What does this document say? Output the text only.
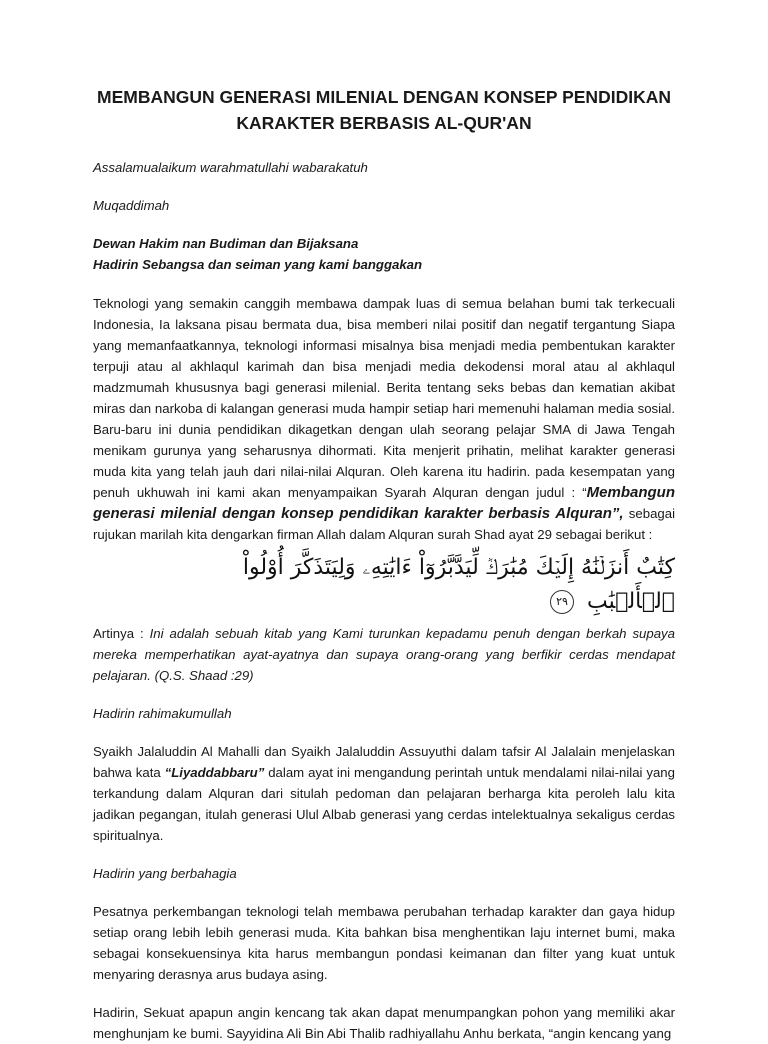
MEMBANGUN GENERASI MILENIAL DENGAN KONSEP PENDIDIKAN
KARAKTER BERBASIS AL-QUR'AN

Assalamualaikum warahmatullahi wabarakatuh

Muqaddimah

Dewan Hakim nan Budiman dan Bijaksana
Hadirin Sebangsa dan seiman yang kami banggakan

Teknologi yang semakin canggih membawa dampak luas di semua belahan bumi tak terkecuali Indonesia, Ia laksana pisau bermata dua, bisa memberi nilai positif dan negatif tergantung Siapa yang memanfaatkannya, teknologi informasi misalnya bisa menjadi media pembentukan karakter terpuji atau al akhlaqul karimah dan bisa menjadi media dekodensi moral atau al akhlaqul madzmumah khususnya bagi generasi milenial. Berita tentang seks bebas dan kematian akibat miras dan narkoba di kalangan generasi muda hampir setiap hari memenuhi halaman media sosial. Baru-baru ini dunia pendidikan dikagetkan dengan ulah seorang pelajar SMA di Jawa Tengah menikam gurunya yang seharusnya dihormati. Kita menjerit prihatin, melihat karakter generasi muda kita yang telah jauh dari nilai-nilai Alquran. Oleh karena itu hadirin. pada kesempatan yang penuh ukhuwah ini kami akan menyampaikan Syarah Alquran dengan judul : “Membangun generasi milenial dengan konsep pendidikan karakter berbasis Alquran”, sebagai rujukan marilah kita dengarkan firman Allah dalam Alquran surah Shad ayat 29 sebagai berikut :

كِتَٰبٌ أَنزَلۡنَٰهُ إِلَيۡكَ مُبَٰرَكٞ لِّيَدَّبَّرُوٓاْ ءَايَٰتِهِۦ وَلِيَتَذَكَّرَ أُوْلُواْ
ٱلۡأَلۡبَٰبِ ٢٩

Artinya : Ini adalah sebuah kitab yang Kami turunkan kepadamu penuh dengan berkah supaya mereka memperhatikan ayat-ayatnya dan supaya orang-orang yang berfikir cerdas mendapat pelajaran. (Q.S. Shaad :29)

Hadirin rahimakumullah

Syaikh Jalaluddin Al Mahalli dan Syaikh Jalaluddin Assuyuthi dalam tafsir Al Jalalain menjelaskan bahwa kata “Liyaddabbaru” dalam ayat ini mengandung perintah untuk mendalami nilai-nilai yang terkandung dalam Alquran dari situlah pedoman dan pelajaran berharga kita peroleh lalu kita jadikan pegangan, itulah generasi Ulul Albab generasi yang cerdas intelektualnya sekaligus cerdas spiritualnya.

Hadirin yang berbahagia

Pesatnya perkembangan teknologi telah membawa perubahan terhadap karakter dan gaya hidup setiap orang lebih lebih generasi muda. Kita bahkan bisa menghentikan laju internet bumi, maka sebagai konsekuensinya kita harus membangun pondasi keimanan dan filter yang kuat untuk menyaring derasnya arus budaya asing.

Hadirin, Sekuat apapun angin kencang tak akan dapat menumpangkan pohon yang memiliki akar menghunjam ke bumi. Sayyidina Ali Bin Abi Thalib radhiyallahu Anhu berkata, “angin kencang yang
